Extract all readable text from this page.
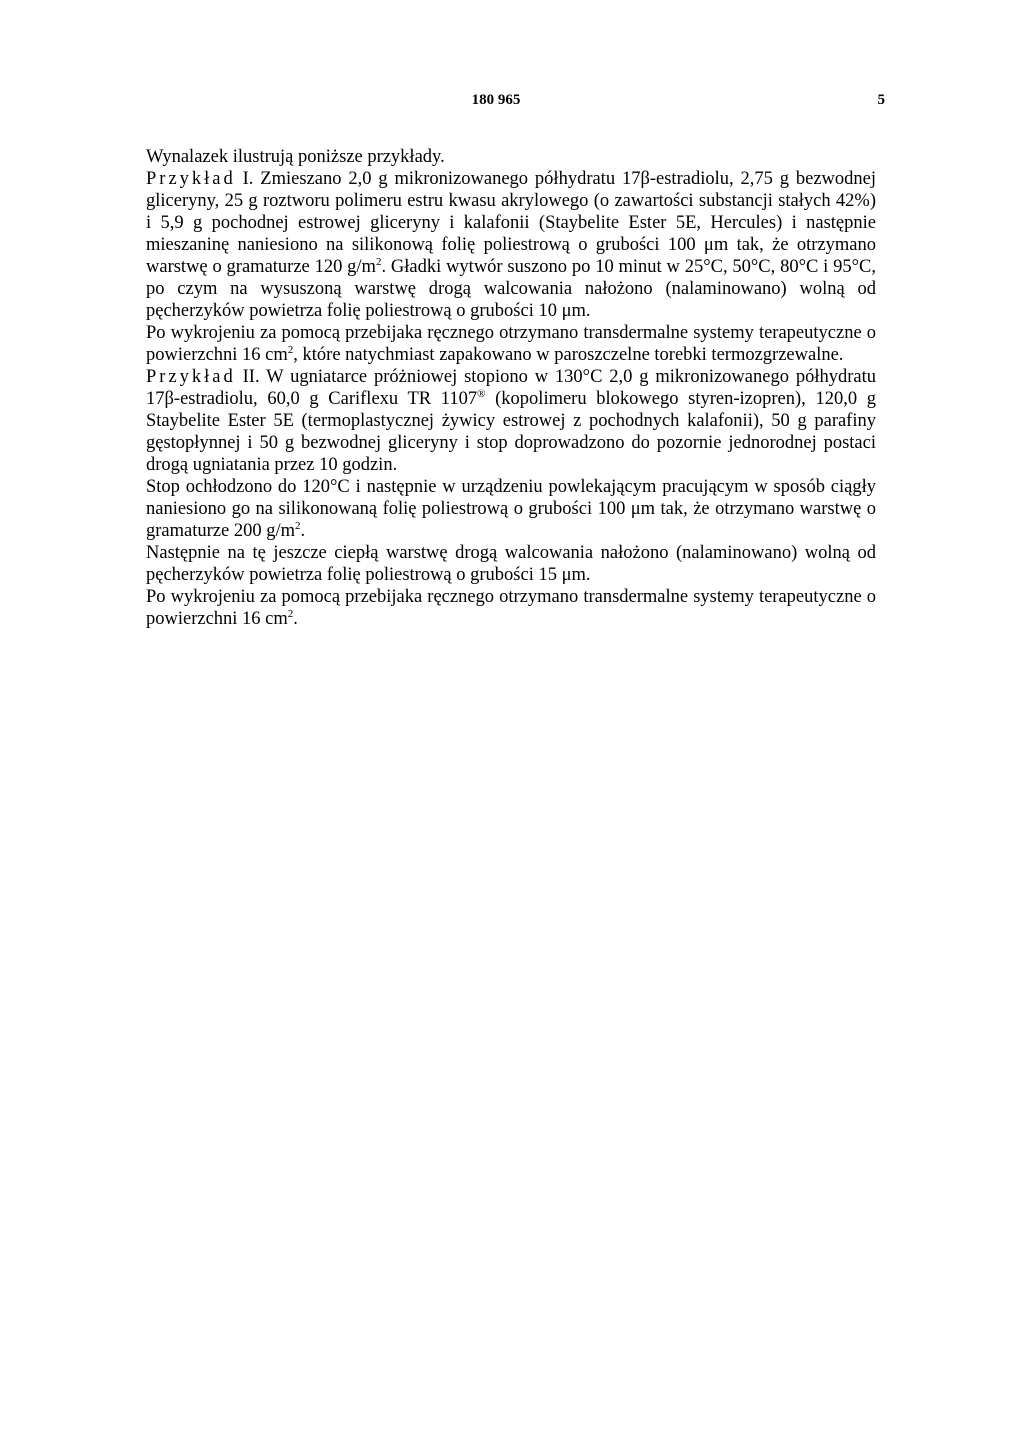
180 965	5

Wynalazek ilustrują poniższe przykłady.

Przykład I. Zmieszano 2,0 g mikronizowanego półhydratu 17β-estradiolu, 2,75 g bezwodnej gliceryny, 25 g roztworu polimeru estru kwasu akrylowego (o zawartości substancji stałych 42%) i 5,9 g pochodnej estrowej gliceryny i kalafonii (Staybelite Ester 5E, Hercules) i następnie mieszaninę naniesiono na silikonową folię poliestrową o grubości 100 μm tak, że otrzymano warstwę o gramaturze 120 $g/m^2$. Gładki wytwór suszono po 10 minut w 25°C, 50°C, 80°C i 95°C, po czym na wysuszoną warstwę drogą walcowania nałożono (nalaminowano) wolną od pęcherzyków powietrza folię poliestrową o grubości 10 μm.

Po wykrojeniu za pomocą przebijaka ręcznego otrzymano transdermalne systemy terapeutyczne o powierzchni 16 $cm^2$, które natychmiast zapakowano w paroszczelne torebki termozgrzewalne.

Przykład II. W ugniatarce próżniowej stopiono w 130°C 2,0 g mikronizowanego półhydratu 17β-estradiolu, 60,0 g Cariflexu TR 1107® (kopolimeru blokowego styren-izopren), 120,0 g Staybelite Ester 5E (termoplastycznej żywicy estrowej z pochodnych kalafonii), 50 g parafiny gęstopłynnej i 50 g bezwodnej gliceryny i stop doprowadzono do pozornie jednorodnej postaci drogą ugniatania przez 10 godzin.

Stop ochłodzono do 120°C i następnie w urządzeniu powlekającym pracującym w sposób ciągły naniesiono go na silikonowaną folię poliestrową o grubości 100 μm tak, że otrzymano warstwę o gramaturze 200 $g/m^2$.

Następnie na tę jeszcze ciepłą warstwę drogą walcowania nałożono (nalaminowano) wolną od pęcherzyków powietrza folię poliestrową o grubości 15 μm.

Po wykrojeniu za pomocą przebijaka ręcznego otrzymano transdermalne systemy terapeutyczne o powierzchni 16 $cm^2$.
